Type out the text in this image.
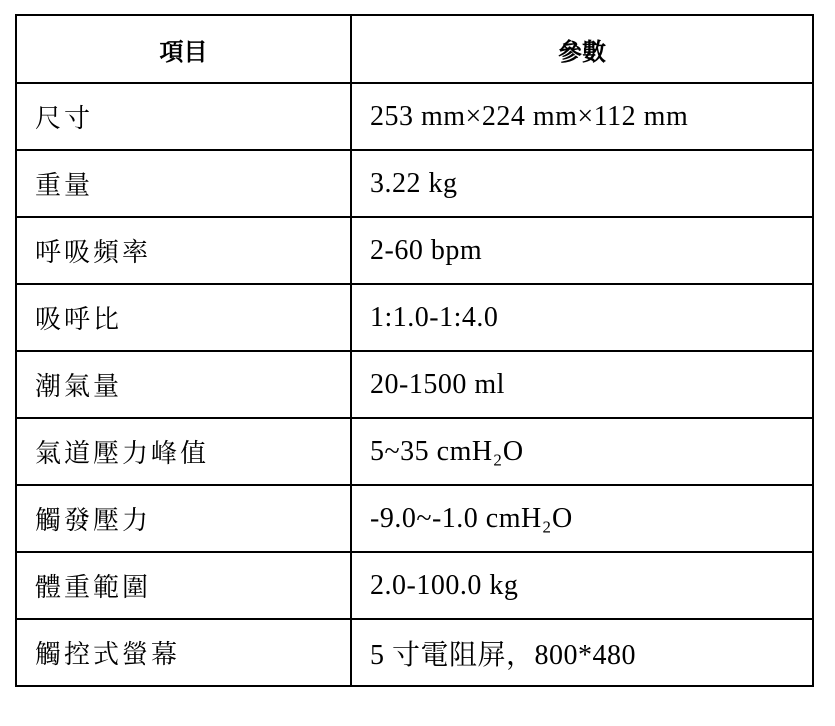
項目	參數
尺寸	253 mm×224 mm×112 mm
重量	3.22 kg
呼吸頻率	2-60 bpm
吸呼比	1:1.0-1:4.0
潮氣量	20-1500 ml
氣道壓力峰值	5~35 cmH₂O
觸發壓力	-9.0~-1.0 cmH₂O
體重範圍	2.0-100.0 kg
觸控式螢幕	5 寸電阻屏，800*480
